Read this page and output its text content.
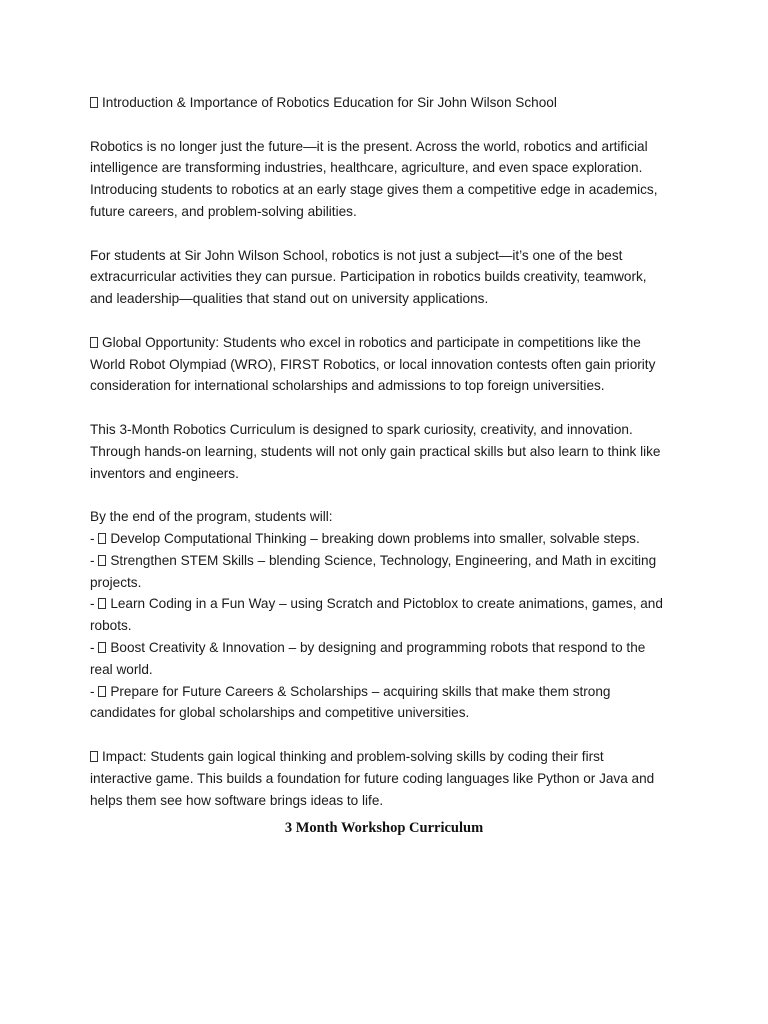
Introduction & Importance of Robotics Education for Sir John Wilson School

Robotics is no longer just the future—it is the present. Across the world, robotics and artificial
intelligence are transforming industries, healthcare, agriculture, and even space exploration.
Introducing students to robotics at an early stage gives them a competitive edge in academics,
future careers, and problem-solving abilities.

For students at Sir John Wilson School, robotics is not just a subject—it’s one of the best
extracurricular activities they can pursue. Participation in robotics builds creativity, teamwork,
and leadership—qualities that stand out on university applications.

Global Opportunity: Students who excel in robotics and participate in competitions like the
World Robot Olympiad (WRO), FIRST Robotics, or local innovation contests often gain priority
consideration for international scholarships and admissions to top foreign universities.

This 3-Month Robotics Curriculum is designed to spark curiosity, creativity, and innovation.
Through hands-on learning, students will not only gain practical skills but also learn to think like
inventors and engineers.

By the end of the program, students will:
- Develop Computational Thinking – breaking down problems into smaller, solvable steps.
- Strengthen STEM Skills – blending Science, Technology, Engineering, and Math in exciting
projects.
- Learn Coding in a Fun Way – using Scratch and Pictoblox to create animations, games, and
robots.
- Boost Creativity & Innovation – by designing and programming robots that respond to the
real world.
- Prepare for Future Careers & Scholarships – acquiring skills that make them strong
candidates for global scholarships and competitive universities.

Impact: Students gain logical thinking and problem-solving skills by coding their first
interactive game. This builds a foundation for future coding languages like Python or Java and
helps them see how software brings ideas to life.

3 Month Workshop Curriculum
